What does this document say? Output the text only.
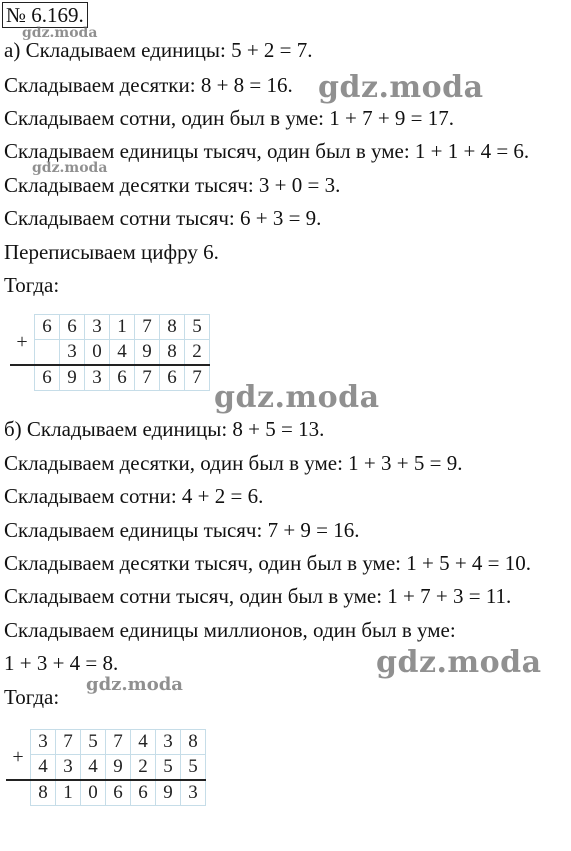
№ 6.169.
а) Складываем единицы: 5 + 2 = 7.
Складываем десятки: 8 + 8 = 16.
Складываем сотни, один был в уме: 1 + 7 + 9 = 17.
Складываем единицы тысяч, один был в уме: 1 + 1 + 4 = 6.
Складываем десятки тысяч: 3 + 0 = 3.
Складываем сотни тысяч: 6 + 3 = 9.
Переписываем цифру 6.
Тогда:
	6	6	3	1	7	8	5
+		3	0	4	9	8	2
	6	9	3	6	7	6	7
б) Складываем единицы: 8 + 5 = 13.
Складываем десятки, один был в уме: 1 + 3 + 5 = 9.
Складываем сотни: 4 + 2 = 6.
Складываем единицы тысяч: 7 + 9 = 16.
Складываем десятки тысяч, один был в уме: 1 + 5 + 4 = 10.
Складываем сотни тысяч, один был в уме: 1 + 7 + 3 = 11.
Складываем единицы миллионов, один был в уме:
1 + 3 + 4 = 8.
Тогда:
	3	7	5	7	4	3	8
+	4	3	4	9	2	5	5
	8	1	0	6	6	9	3
gdz.moda
gdz.moda
gdz.moda
gdz.moda
gdz.moda
gdz.moda
